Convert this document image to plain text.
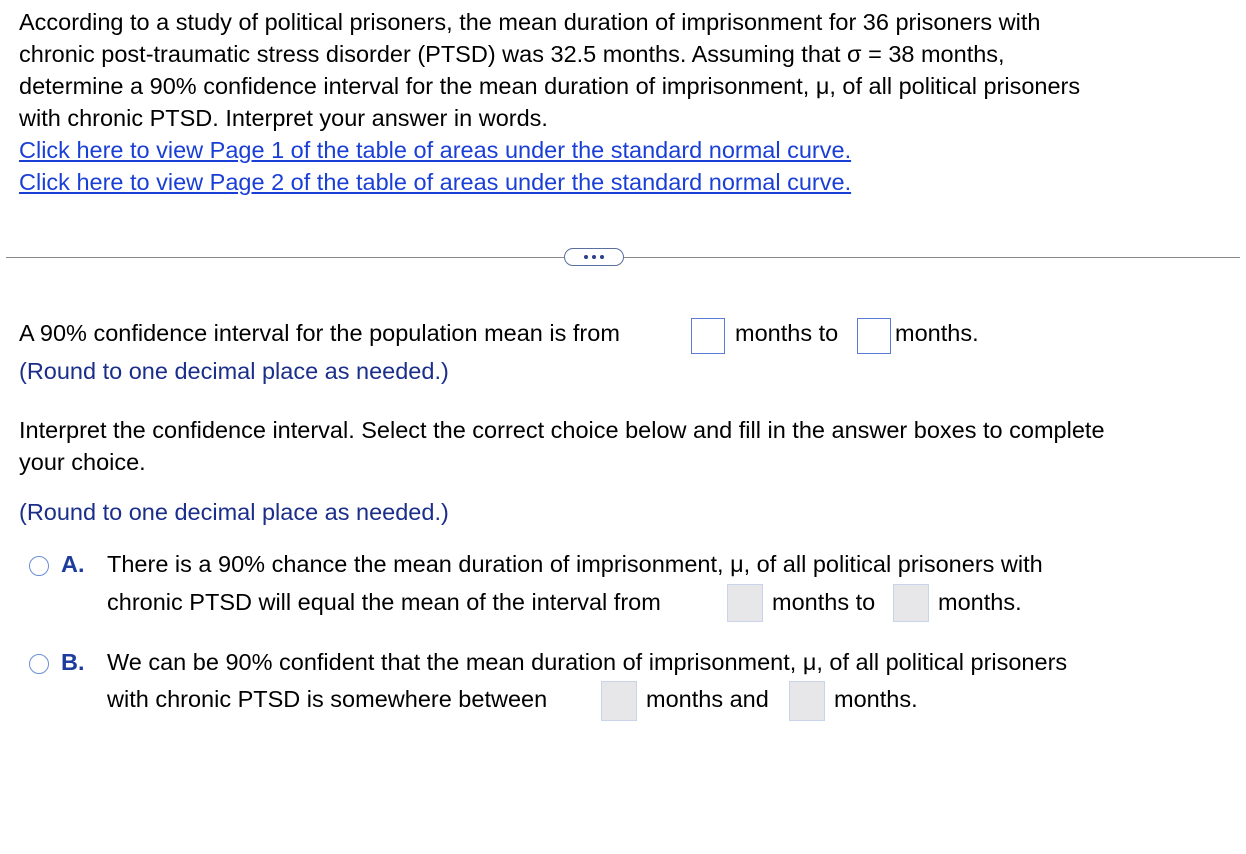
According to a study of political prisoners, the mean duration of imprisonment for 36 prisoners with
chronic post-traumatic stress disorder (PTSD) was 32.5 months. Assuming that σ = 38 months,
determine a 90% confidence interval for the mean duration of imprisonment, μ, of all political prisoners
with chronic PTSD. Interpret your answer in words.
Click here to view Page 1 of the table of areas under the standard normal curve.
Click here to view Page 2 of the table of areas under the standard normal curve.
A 90% confidence interval for the population mean is from	months to months.
(Round to one decimal place as needed.)
Interpret the confidence interval. Select the correct choice below and fill in the answer boxes to complete
your choice.
(Round to one decimal place as needed.)
A. There is a 90% chance the mean duration of imprisonment, μ, of all political prisoners with
chronic PTSD will equal the mean of the interval from	months to	months.
B. We can be 90% confident that the mean duration of imprisonment, μ, of all political prisoners
with chronic PTSD is somewhere between	months and	months.
